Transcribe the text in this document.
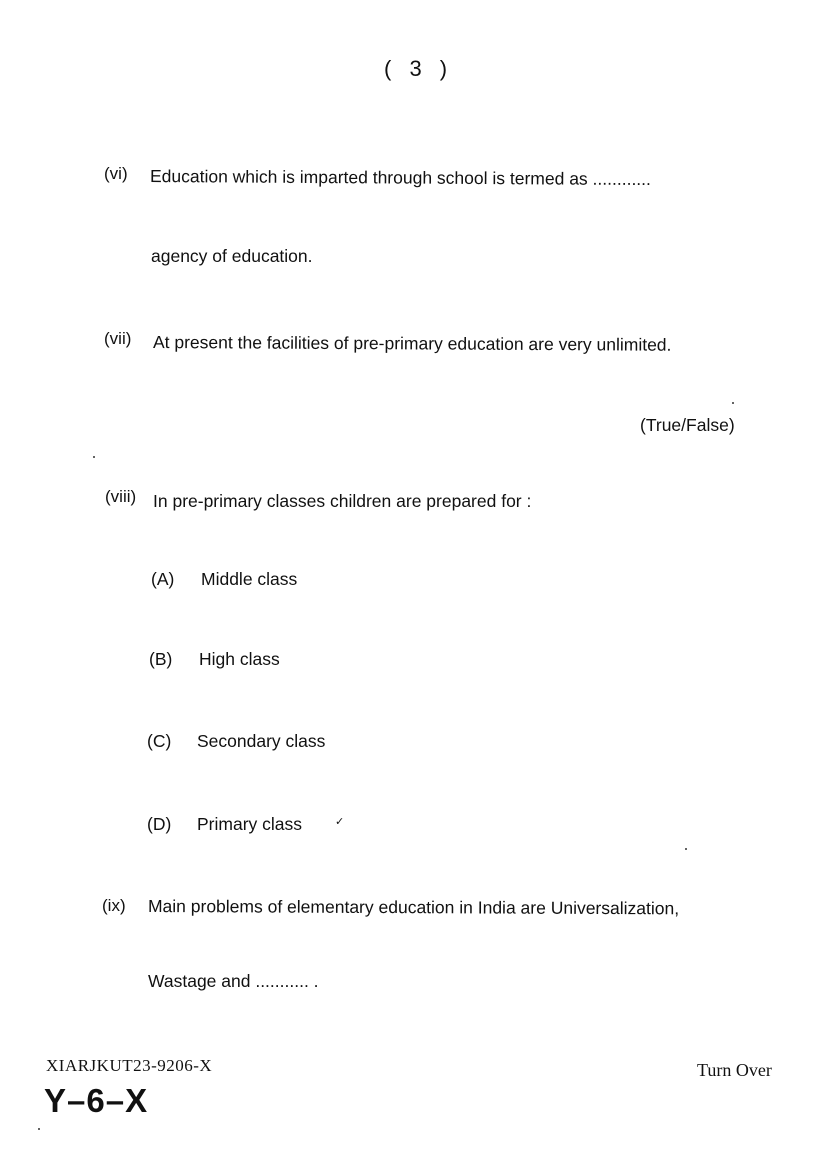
( 3 )
(vi) Education which is imparted through school is termed as ............
agency of education.
(vii) At present the facilities of pre-primary education are very unlimited.
(True/False)
(viii) In pre-primary classes children are prepared for :
(A) Middle class
(B) High class
(C) Secondary class
(D) Primary class	✓
(ix) Main problems of elementary education in India are Universalization,
Wastage and ........... .
XIARJKUT23-9206-X
Y–6–X
Turn Over
